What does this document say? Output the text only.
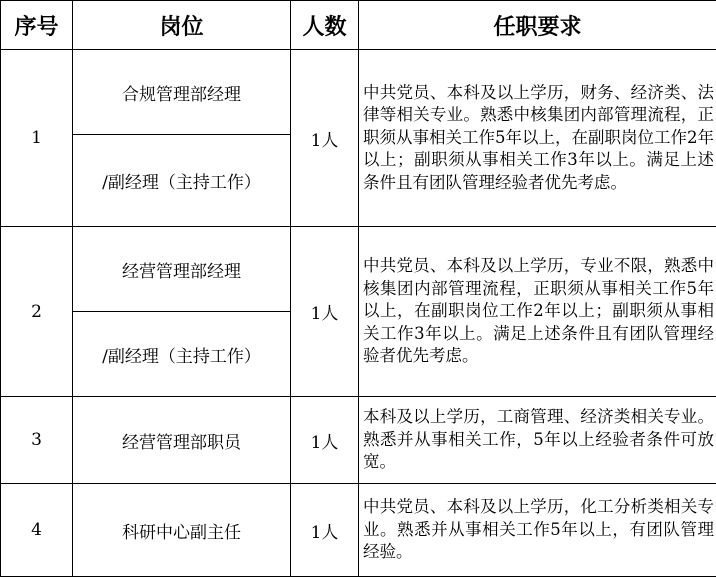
序号	岗位	人数	任职要求
1	合规管理部经理	1人	中共党员、本科及以上学历，财务、经济类、法律等相关专业。熟悉中核集团内部管理流程，正职须从事相关工作5年以上，在副职岗位工作2年以上；副职须从事相关工作3年以上。满足上述条件且有团队管理经验者优先考虑。
	/副经理（主持工作）		
2	经营管理部经理	1人	中共党员、本科及以上学历，专业不限，熟悉中核集团内部管理流程，正职须从事相关工作5年以上，在副职岗位工作2年以上；副职须从事相关工作3年以上。满足上述条件且有团队管理经验者优先考虑。
	/副经理（主持工作）		
3	经营管理部职员	1人	本科及以上学历，工商管理、经济类相关专业。熟悉并从事相关工作，5年以上经验者条件可放宽。
4	科研中心副主任	1人	中共党员、本科及以上学历，化工分析类相关专业。熟悉并从事相关工作5年以上，有团队管理经验。
